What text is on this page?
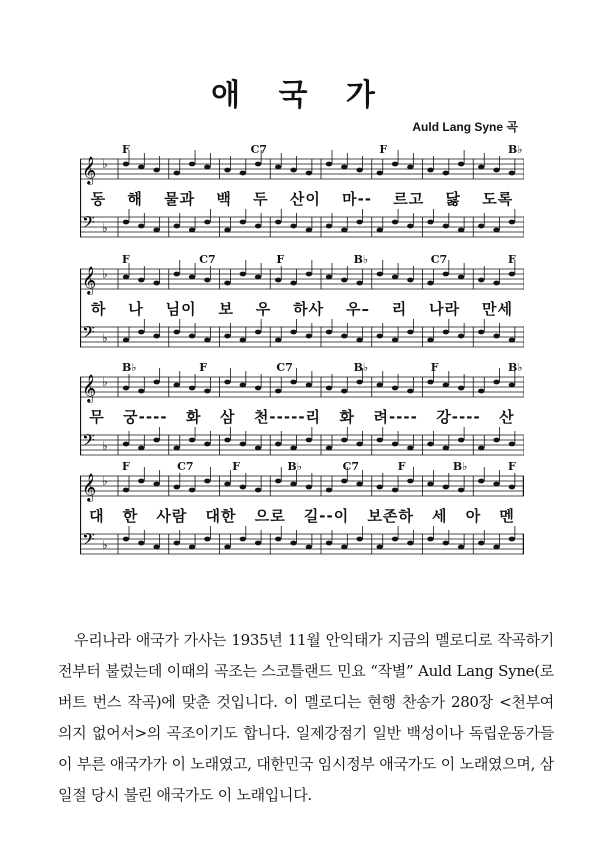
애 국 가
Auld Lang Syne 곡
𝄞 ♭
𝄢 ♭
F	C7	F	B♭
동 해 물과 백 두 산이 마-- 르고 닳 도록
𝄞 ♭
𝄢 ♭
F	C7	F	B♭	C7	F
하 나 님이 보 우 하사 우– 리 나라 만세
𝄞 ♭
𝄢 ♭
B♭	F	C7	B♭	F	B♭
무 궁---- 화 삼 천-----리 화 려---- 강---- 산
𝄞 ♭
𝄢 ♭
F	C7	F	B♭	C7	F	B♭	F
대 한 사람 대한 으로 길--이 보존하 세 아 멘
우리나라 애국가 가사는 1935년 11월 안익태가 지금의 멜로디로 작곡하기 전부터 불렀는데 이때의 곡조는 스코틀랜드 민요 “작별” Auld Lang Syne(로버트 번스 작곡)에 맞춘 것입니다. 이 멜로디는 현행 찬송가 280장 <천부여 의지 없어서>의 곡조이기도 합니다. 일제강점기 일반 백성이나 독립운동가들이 부른 애국가가 이 노래였고, 대한민국 임시정부 애국가도 이 노래였으며, 삼일절 당시 불린 애국가도 이 노래입니다.
